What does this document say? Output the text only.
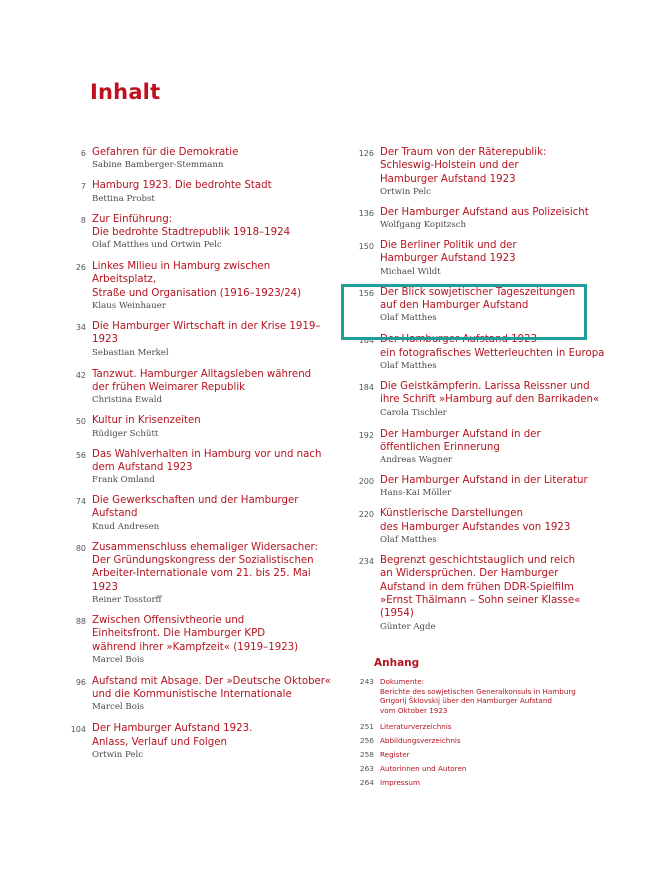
Inhalt
6 Gefahren für die Demokratie
Sabine Bamberger-Stemmann
7 Hamburg 1923. Die bedrohte Stadt
Bettina Probst
8 Zur Einführung:
Die bedrohte Stadtrepublik 1918–1924
Olaf Matthes und Ortwin Pelc
26 Linkes Milieu in Hamburg zwischen Arbeitsplatz,
Straße und Organisation (1916–1923/24)
Klaus Weinhauer
34 Die Hamburger Wirtschaft in der Krise 1919–1923
Sebastian Merkel
42 Tanzwut. Hamburger Alltagsleben während
der frühen Weimarer Republik
Christina Ewald
50 Kultur in Krisenzeiten
Rüdiger Schütt
56 Das Wahlverhalten in Hamburg vor und nach
dem Aufstand 1923
Frank Omland
74 Die Gewerkschaften und der Hamburger Aufstand
Knud Andresen
80 Zusammenschluss ehemaliger Widersacher:
Der Gründungskongress der Sozialistischen
Arbeiter-Internationale vom 21. bis 25. Mai 1923
Reiner Tosstorff
88 Zwischen Offensivtheorie und
Einheitsfront. Die Hamburger KPD
während ihrer »Kampfzeit« (1919–1923)
Marcel Bois
96 Aufstand mit Absage. Der »Deutsche Oktober«
und die Kommunistische Internationale
Marcel Bois
104 Der Hamburger Aufstand 1923.
Anlass, Verlauf und Folgen
Ortwin Pelc
126 Der Traum von der Räterepublik:
Schleswig-Holstein und der
Hamburger Aufstand 1923
Ortwin Pelc
136 Der Hamburger Aufstand aus Polizeisicht
Wolfgang Kopitzsch
150 Die Berliner Politik und der
Hamburger Aufstand 1923
Michael Wildt
156 Der Blick sowjetischer Tageszeitungen
auf den Hamburger Aufstand
Olaf Matthes
164 Der Hamburger Aufstand 1923 –
ein fotografisches Wetterleuchten in Europa
Olaf Matthes
184 Die Geistkämpferin. Larissa Reissner und
ihre Schrift »Hamburg auf den Barrikaden«
Carola Tischler
192 Der Hamburger Aufstand in der
öffentlichen Erinnerung
Andreas Wagner
200 Der Hamburger Aufstand in der Literatur
Hans-Kai Möller
220 Künstlerische Darstellungen
des Hamburger Aufstandes von 1923
Olaf Matthes
234 Begrenzt geschichtstauglich und reich
an Widersprüchen. Der Hamburger
Aufstand in dem frühen DDR-Spielfilm
»Ernst Thälmann – Sohn seiner Klasse« (1954)
Günter Agde
Anhang
243 Dokumente:
Berichte des sowjetischen Generalkonsuls in Hamburg
Grigorij Šklovskij über den Hamburger Aufstand
vom Oktober 1923
251 Literaturverzeichnis
256 Abbildungsverzeichnis
258 Register
263 Autorinnen und Autoren
264 Impressum
